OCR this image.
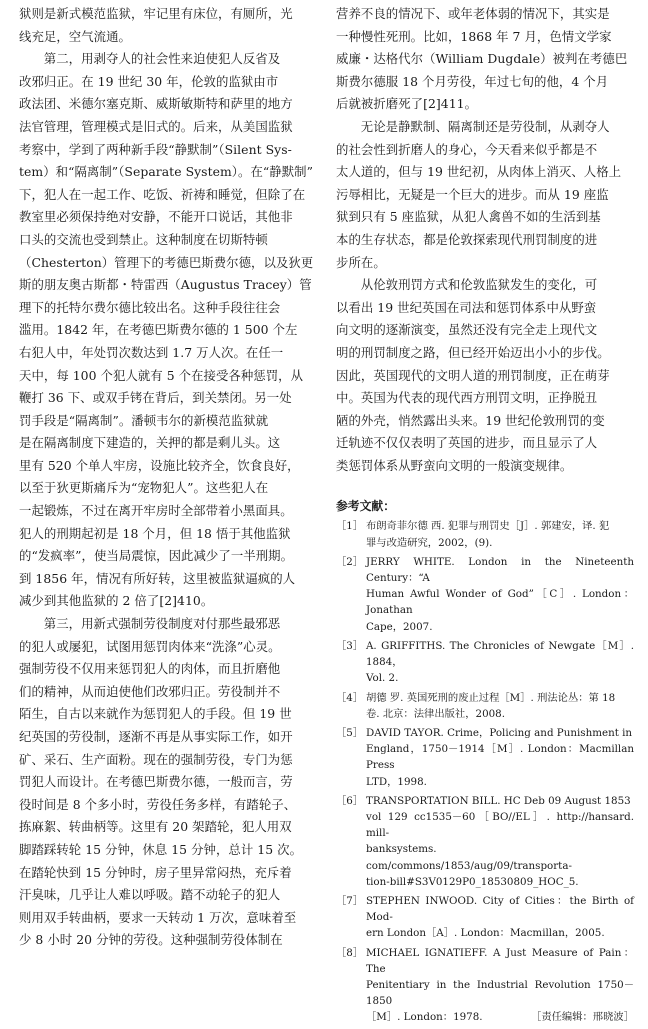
狱则是新式模范监狱，牢记里有床位，有厕所，光
线充足，空气流通。

第二，用剥夺人的社会性来迫使犯人反省及
改邪归正。在 19 世纪 30 年，伦敦的监狱由市
政法团、米德尔塞克斯、威斯敏斯特和萨里的地方
法官管理，管理模式是旧式的。后来，从美国监狱
考察中，学到了两种新手段“静默制”（Silent Sys-
tem）和“隔离制”（Separate System）。在“静默制”
下，犯人在一起工作、吃饭、祈祷和睡觉，但除了在
教室里必须保持绝对安静，不能开口说话，其他非
口头的交流也受到禁止。这种制度在切斯特顿
（Chesterton）管理下的考德巴斯费尔德，以及狄更
斯的朋友奥古斯都・特雷西（Augustus Tracey）管
理下的托特尔费尔德比较出名。这种手段往往会
滥用。1842 年，在考德巴斯费尔德的 1 500 个左
右犯人中，年处罚次数达到 1.7 万人次。在任一
天中，每 100 个犯人就有 5 个在接受各种惩罚，从
鞭打 36 下、或双手铐在背后，到关禁闭。另一处
罚手段是“隔离制”。潘顿韦尔的新模范监狱就
是在隔离制度下建造的，关押的都是剩儿头。这
里有 520 个单人牢房，设施比较齐全，饮食良好，
以至于狄更斯痛斥为“宠物犯人”。这些犯人在
一起锻炼，不过在离开牢房时全部带着小黑面具。
犯人的刑期起初是 18 个月，但 18 悟于其他监狱
的“发疯率”，使当局震惊，因此减少了一半刑期。
到 1856 年，情况有所好转，这里被监狱逼疯的人
减少到其他监狱的 2 倍了[2]410。

第三，用新式强制劳役制度对付那些最邪恶
的犯人或屡犯，试图用惩罚肉体来“洗涤”心灵。
强制劳役不仅用来惩罚犯人的肉体，而且折磨他
们的精神，从而迫使他们改邪归正。劳役制并不
陌生，自古以来就作为惩罚犯人的手段。但 19 世
纪英国的劳役制，逐渐不再是从事实际工作，如开
矿、采石、生产面粉。现在的强制劳役，专门为惩
罚犯人而设计。在考德巴斯费尔德，一般而言，劳
役时间是 8 个多小时，劳役任务多样，有踏轮子、
拣麻絮、转曲柄等。这里有 20 架踏轮，犯人用双
脚踏踩转轮 15 分钟，休息 15 分钟，总计 15 次。
在踏轮快到 15 分钟时，房子里异常闷热，充斥着
汗臭味，几乎让人难以呼吸。踏不动轮子的犯人
则用双手转曲柄，要求一天转动 1 万次，意味着至
少 8 小时 20 分钟的劳役。这种强制劳役体制在

营养不良的情况下、或年老体弱的情况下，其实是
一种慢性死刑。比如，1868 年 7 月，色情文学家
威廉・达格代尔（William Dugdale）被判在考德巴
斯费尔德服 18 个月劳役，年过七旬的他，4 个月
后就被折磨死了[2]411。

无论是静默制、隔离制还是劳役制，从剥夺人
的社会性到折磨人的身心，今天看来似乎都是不
太人道的，但与 19 世纪初，从肉体上消灭、人格上
污辱相比，无疑是一个巨大的进步。而从 19 座监
狱到只有 5 座监狱，从犯人禽兽不如的生活到基
本的生存状态，都是伦敦探索现代刑罚制度的进
步所在。

从伦敦刑罚方式和伦敦监狱发生的变化，可
以看出 19 世纪英国在司法和惩罚体系中从野蛮
向文明的逐渐演变，虽然还没有完全走上现代文
明的刑罚制度之路，但已经开始迈出小小的步伐。
因此，英国现代的文明人道的刑罚制度，正在萌芽
中。英国为代表的现代西方刑罚文明，正挣脱丑
陋的外壳，悄然露出头来。19 世纪伦敦刑罚的变
迁轨迹不仅仅表明了英国的进步，而且显示了人
类惩罚体系从野蛮向文明的一般演变规律。

参考文献：
［1］ 布朗奇菲尔德 西. 犯罪与刑罚史［J］. 郭建安，译. 犯
罪与改造研究，2002，(9).
［2］ JERRY WHITE. London in the Nineteenth Century：“A
Human Awful Wonder of God”［C］. London：Jonathan
Cape，2007.
［3］ A. GRIFFITHS. The Chronicles of Newgate［M］. 1884，
Vol. 2.
［4］ 胡德 罗. 英国死刑的废止过程［M］. 刑法论丛：第 18
卷. 北京：法律出版社，2008.
［5］ DAVID TAYOR. Crime，Policing and Punishment in
England，1750－1914［M］. London：Macmillan Press
LTD，1998.
［6］ TRANSPORTATION BILL. HC Deb 09 August 1853
vol 129 cc1535－60［BO//EL］. http://hansard. mill-
banksystems. com/commons/1853/aug/09/transporta-
tion-bill#S3V0129P0_18530809_HOC_5.
［7］ STEPHEN INWOOD. City of Cities：the Birth of Mod-
ern London［A］. London：Macmillan，2005.
［8］ MICHAEL IGNATIEFF. A Just Measure of Pain：The
Penitentiary in the Industrial Revolution 1750－1850
［M］. London：1978.	［责任编辑：邢晓波］
